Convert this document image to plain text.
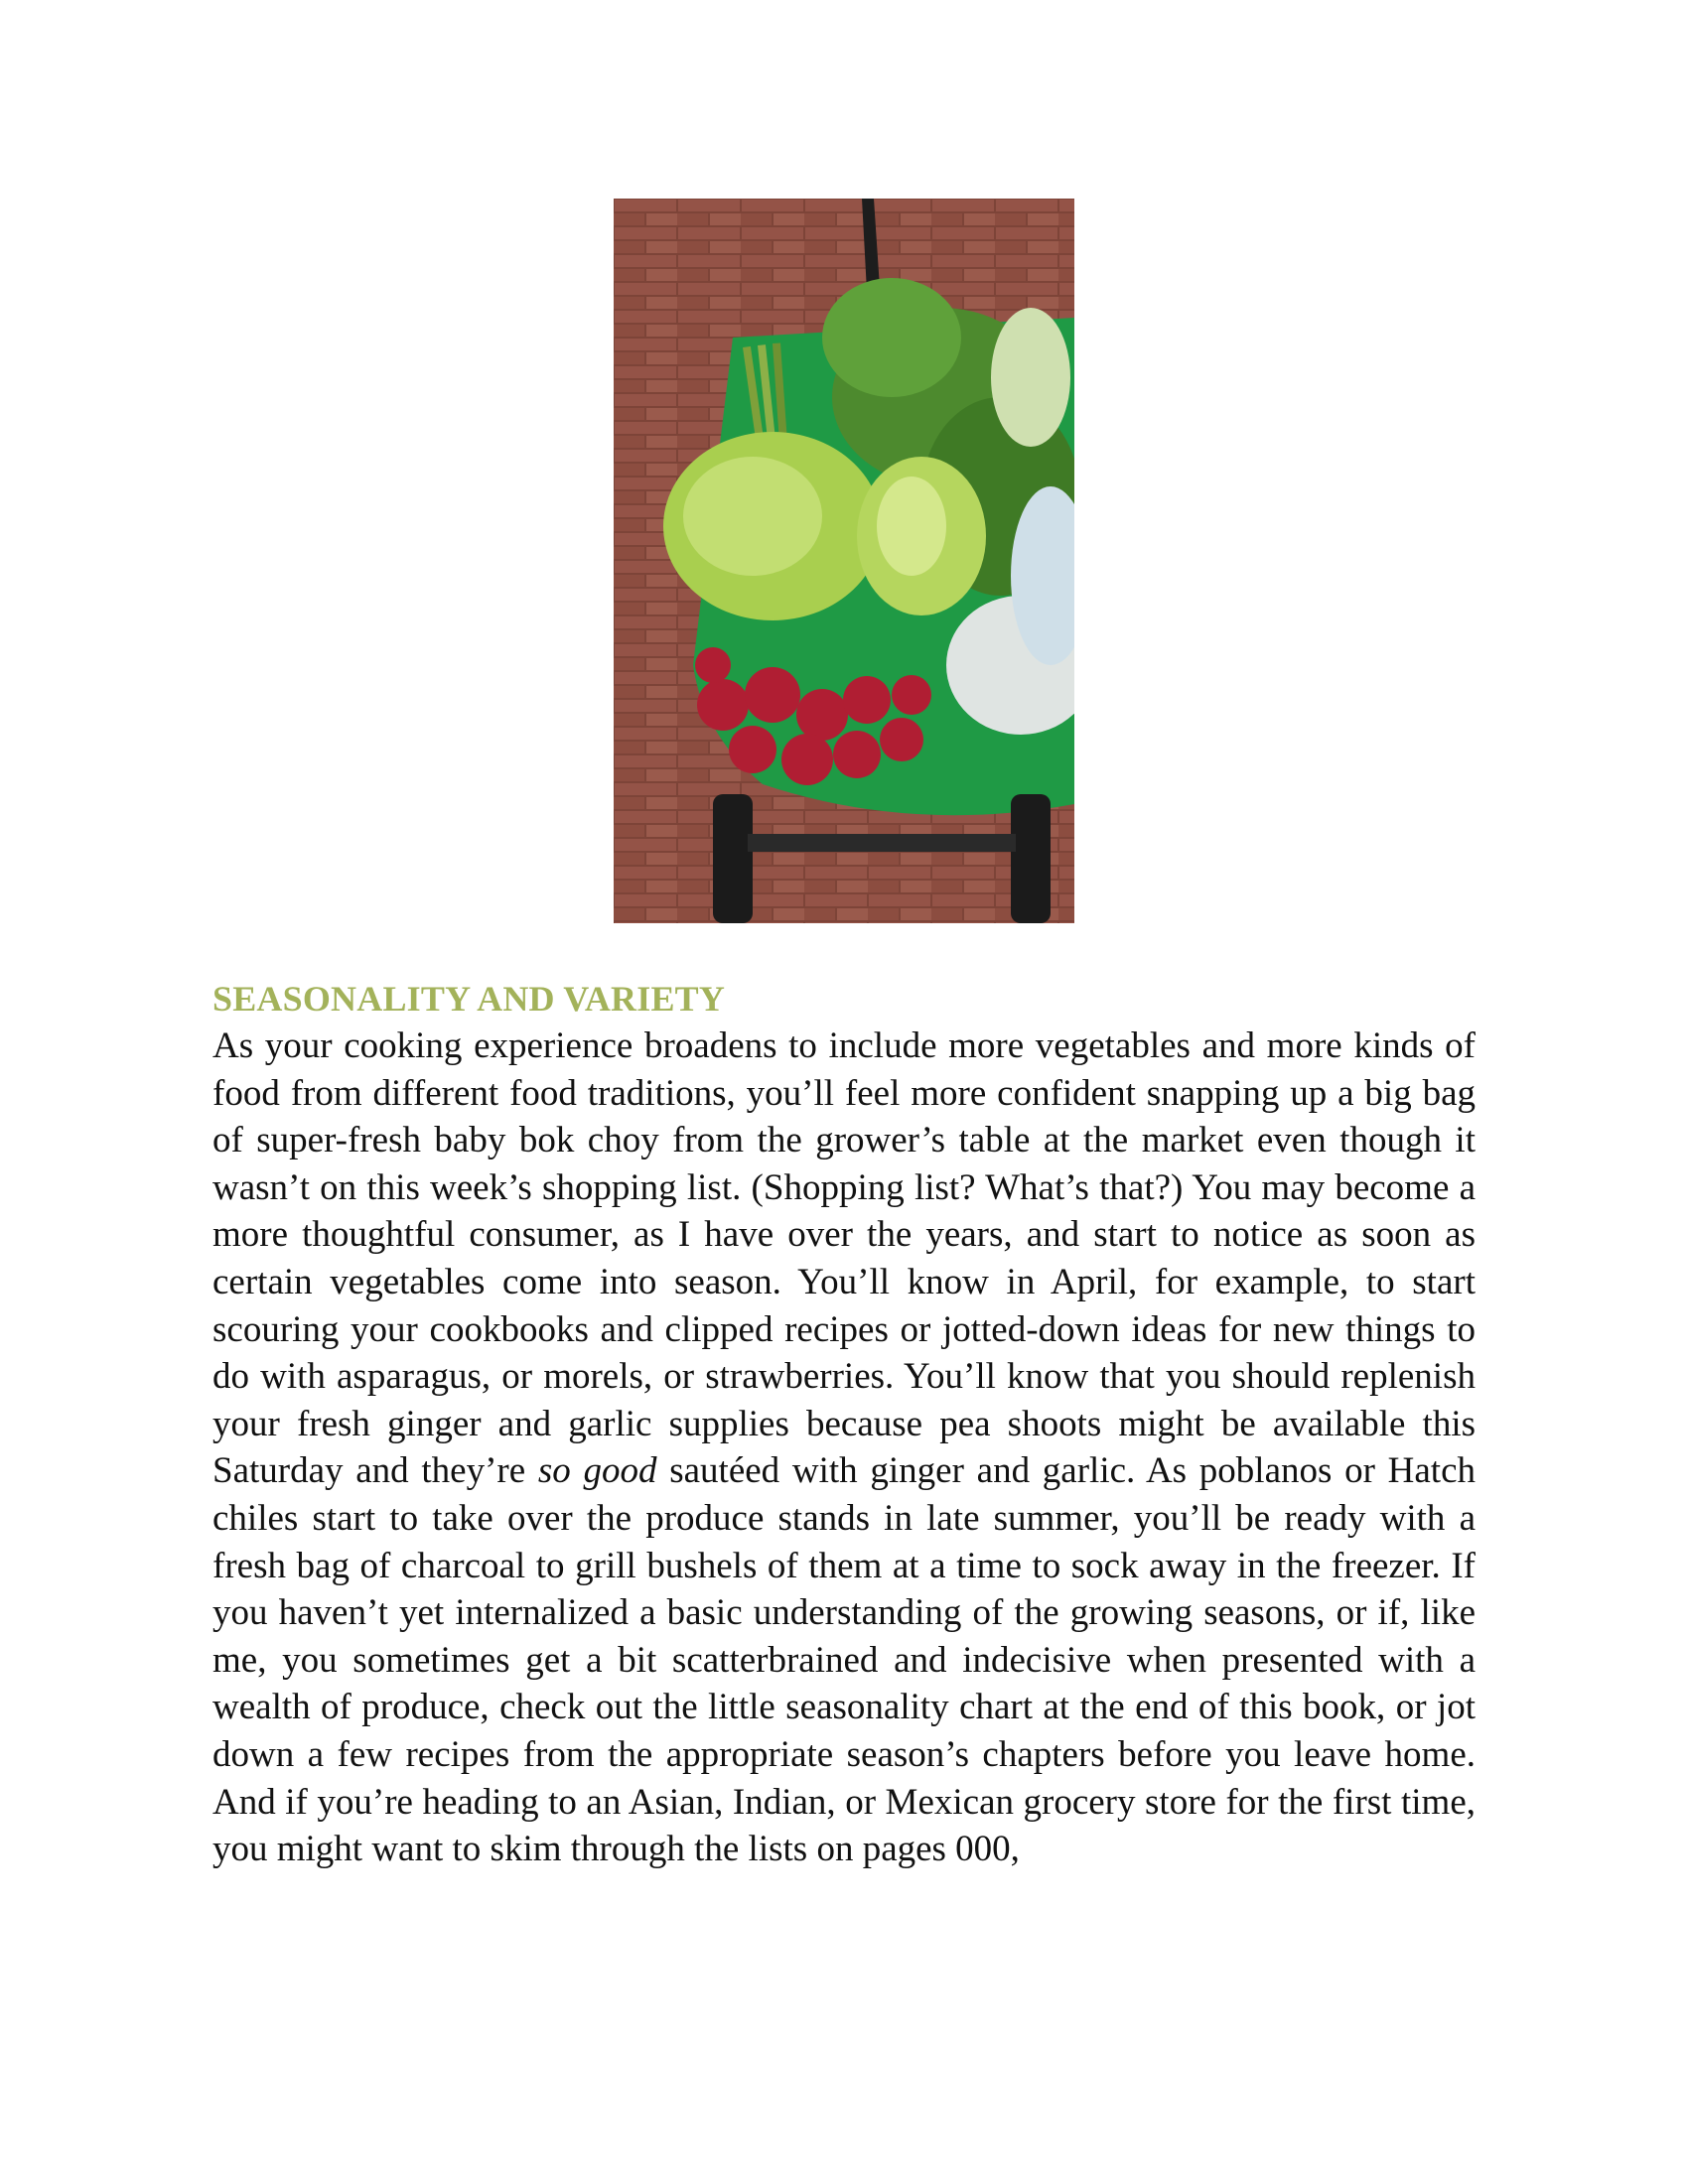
SEASONALITY AND VARIETY

As your cooking experience broadens to include more vegetables and more kinds of food from different food traditions, you’ll feel more confident snapping up a big bag of super-fresh baby bok choy from the grower’s table at the market even though it wasn’t on this week’s shopping list. (Shopping list? What’s that?) You may become a more thoughtful consumer, as I have over the years, and start to notice as soon as certain vegetables come into season. You’ll know in April, for example, to start scouring your cookbooks and clipped recipes or jotted-down ideas for new things to do with asparagus, or morels, or strawberries. You’ll know that you should replenish your fresh ginger and garlic supplies because pea shoots might be available this Saturday and they’re so good sautéed with ginger and garlic. As poblanos or Hatch chiles start to take over the produce stands in late summer, you’ll be ready with a fresh bag of charcoal to grill bushels of them at a time to sock away in the freezer. If you haven’t yet internalized a basic understanding of the growing seasons, or if, like me, you sometimes get a bit scatterbrained and indecisive when presented with a wealth of produce, check out the little seasonality chart at the end of this book, or jot down a few recipes from the appropriate season’s chapters before you leave home. And if you’re heading to an Asian, Indian, or Mexican grocery store for the first time, you might want to skim through the lists on pages 000,
